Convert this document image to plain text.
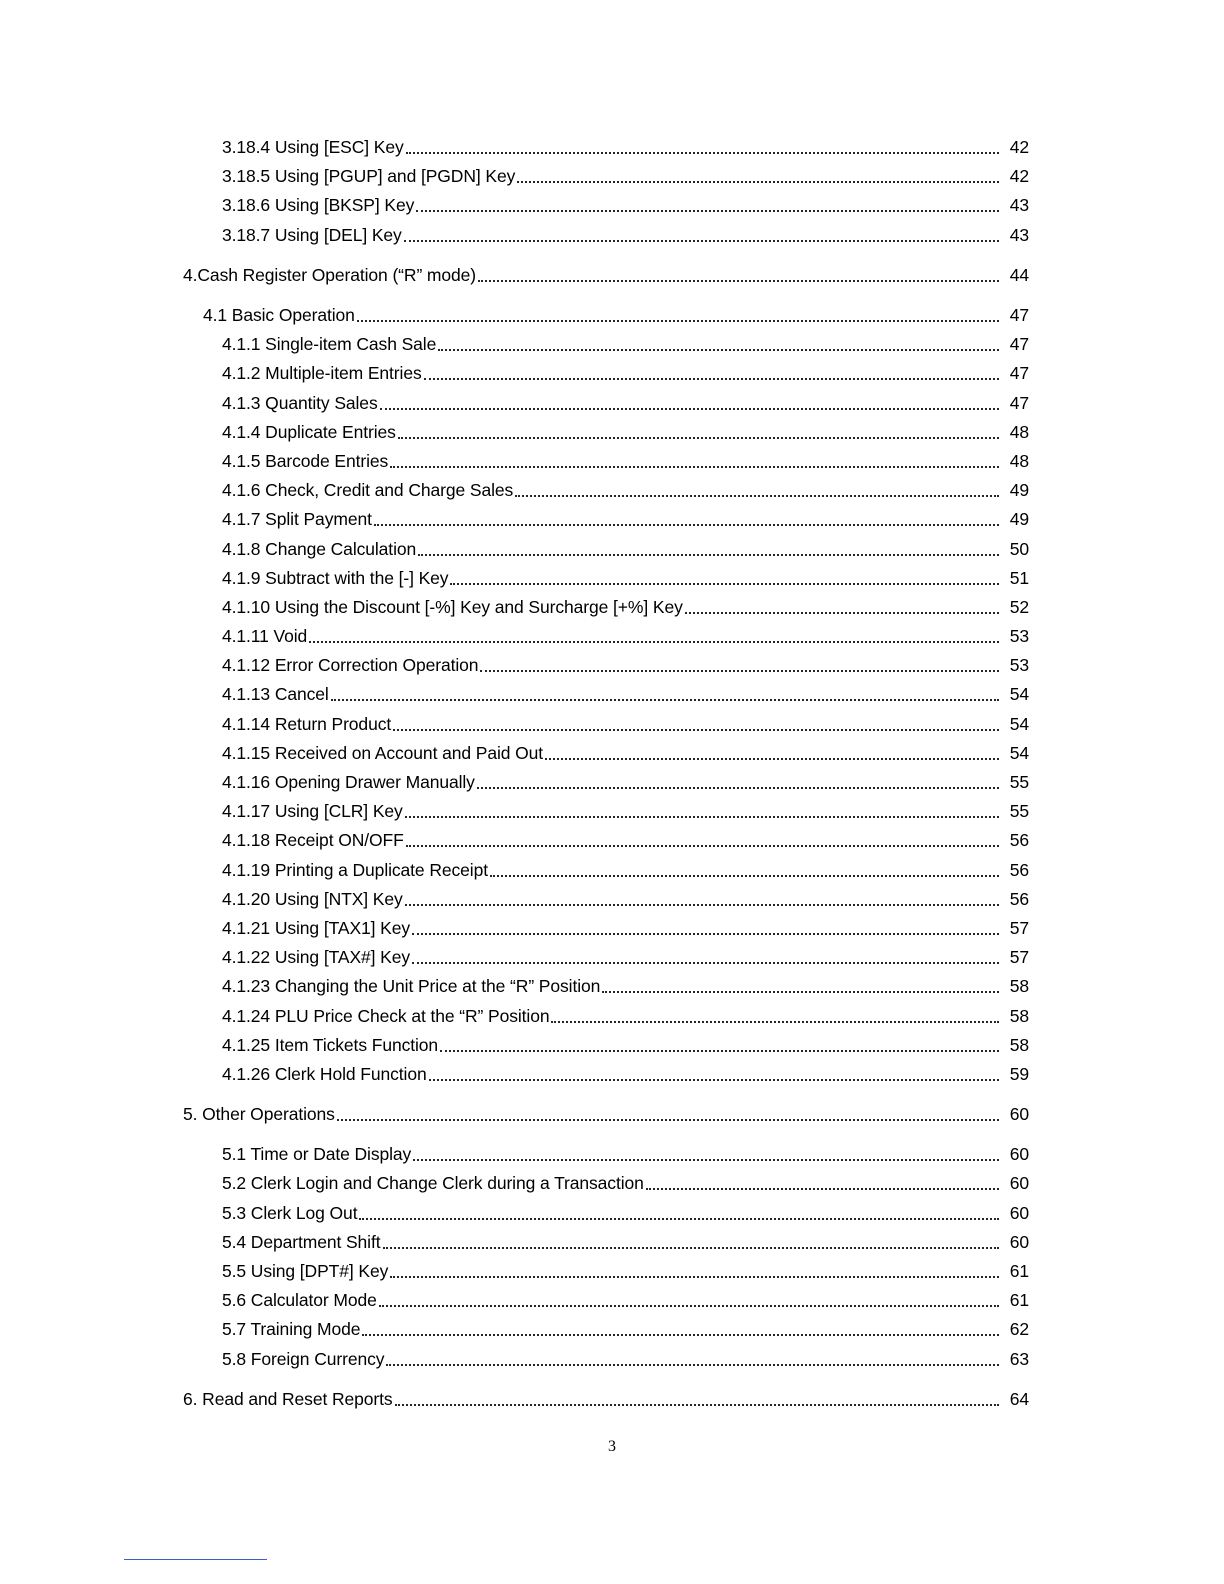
3.18.4 Using [ESC] Key	42
3.18.5 Using [PGUP] and [PGDN] Key	42
3.18.6 Using [BKSP] Key	43
3.18.7 Using [DEL] Key	43
4.Cash Register Operation (“R” mode)	44
4.1 Basic Operation	47
4.1.1 Single-item Cash Sale	47
4.1.2 Multiple-item Entries	47
4.1.3 Quantity Sales	47
4.1.4 Duplicate Entries	48
4.1.5 Barcode Entries	48
4.1.6 Check, Credit and Charge Sales	49
4.1.7 Split Payment	49
4.1.8 Change Calculation	50
4.1.9 Subtract with the [-] Key	51
4.1.10 Using the Discount [-%] Key and Surcharge [+%] Key	52
4.1.11 Void	53
4.1.12 Error Correction Operation	53
4.1.13 Cancel	54
4.1.14 Return Product	54
4.1.15 Received on Account and Paid Out	54
4.1.16 Opening Drawer Manually	55
4.1.17 Using [CLR] Key	55
4.1.18 Receipt ON/OFF	56
4.1.19 Printing a Duplicate Receipt	56
4.1.20 Using [NTX] Key	56
4.1.21 Using [TAX1] Key	57
4.1.22 Using [TAX#] Key	57
4.1.23 Changing the Unit Price at the “R” Position	58
4.1.24 PLU Price Check at the “R” Position	58
4.1.25 Item Tickets Function	58
4.1.26 Clerk Hold Function	59
5. Other Operations	60
5.1 Time or Date Display	60
5.2 Clerk Login and Change Clerk during a Transaction	60
5.3 Clerk Log Out	60
5.4 Department Shift	60
5.5 Using [DPT#] Key	61
5.6 Calculator Mode	61
5.7 Training Mode	62
5.8 Foreign Currency	63
6. Read and Reset Reports	64
3
